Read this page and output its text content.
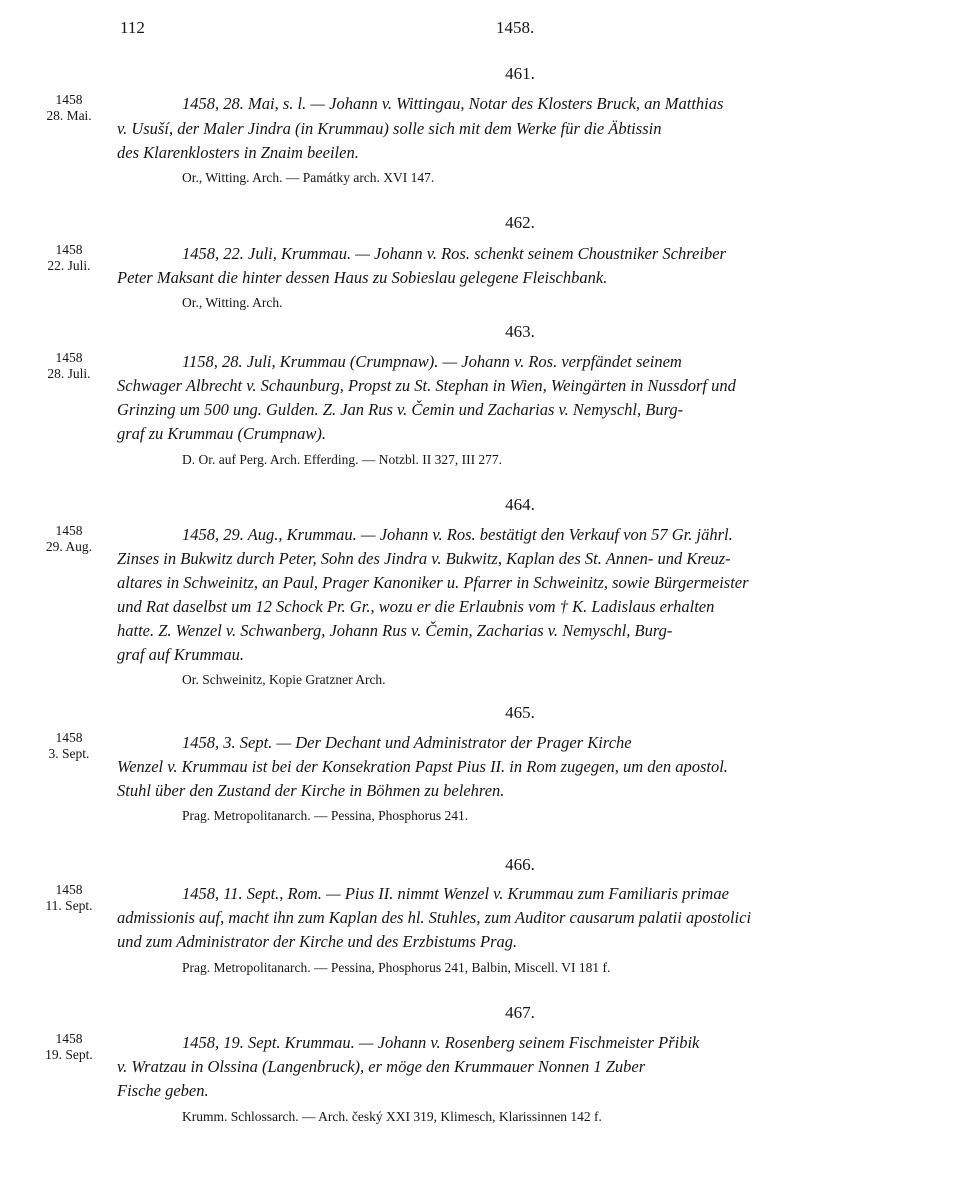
112	1458.
461.
1458
28. Mai.
1458, 28. Mai, s. l. — Johann v. Wittingau, Notar des Klosters Bruck, an Matthias
v. Usuší, der Maler Jindra (in Krummau) solle sich mit dem Werke für die Äbtissin
des Klarenklosters in Znaim beeilen.
Or., Witting. Arch. — Památky arch. XVI 147.
462.
1458
22. Juli.
1458, 22. Juli, Krummau. — Johann v. Ros. schenkt seinem Choustniker Schreiber
Peter Maksant die hinter dessen Haus zu Sobieslau gelegene Fleischbank.
Or., Witting. Arch.
463.
1458
28. Juli.
1158, 28. Juli, Krummau (Crumpnaw). — Johann v. Ros. verpfändet seinem
Schwager Albrecht v. Schaunburg, Propst zu St. Stephan in Wien, Weingärten in Nussdorf und
Grinzing um 500 ung. Gulden. Z. Jan Rus v. Čemin und Zacharias v. Nemyschl, Burg-
graf zu Krummau (Crumpnaw).
D. Or. auf Perg. Arch. Efferding. — Notzbl. II 327, III 277.
464.
1458
29. Aug.
1458, 29. Aug., Krummau. — Johann v. Ros. bestätigt den Verkauf von 57 Gr. jährl.
Zinses in Bukwitz durch Peter, Sohn des Jindra v. Bukwitz, Kaplan des St. Annen- und Kreuz-
altares in Schweinitz, an Paul, Prager Kanoniker u. Pfarrer in Schweinitz, sowie Bürgermeister
und Rat daselbst um 12 Schock Pr. Gr., wozu er die Erlaubnis vom † K. Ladislaus erhalten
hatte. Z. Wenzel v. Schwanberg, Johann Rus v. Čemin, Zacharias v. Nemyschl, Burg-
graf auf Krummau.
Or. Schweinitz, Kopie Gratzner Arch.
465.
1458
3. Sept.
1458, 3. Sept. — Der Dechant und Administrator der Prager Kirche
Wenzel v. Krummau ist bei der Konsekration Papst Pius II. in Rom zugegen, um den apostol.
Stuhl über den Zustand der Kirche in Böhmen zu belehren.
Prag. Metropolitanarch. — Pessina, Phosphorus 241.
466.
1458
11. Sept.
1458, 11. Sept., Rom. — Pius II. nimmt Wenzel v. Krummau zum Familiaris primae
admissionis auf, macht ihn zum Kaplan des hl. Stuhles, zum Auditor causarum palatii apostolici
und zum Administrator der Kirche und des Erzbistums Prag.
Prag. Metropolitanarch. — Pessina, Phosphorus 241, Balbin, Miscell. VI 181 f.
467.
1458
19. Sept.
1458, 19. Sept. Krummau. — Johann v. Rosenberg seinem Fischmeister Přibik
v. Wratzau in Olssina (Langenbruck), er möge den Krummauer Nonnen 1 Zuber
Fische geben.
Krumm. Schlossarch. — Arch. český XXI 319, Klimesch, Klarissinnen 142 f.
